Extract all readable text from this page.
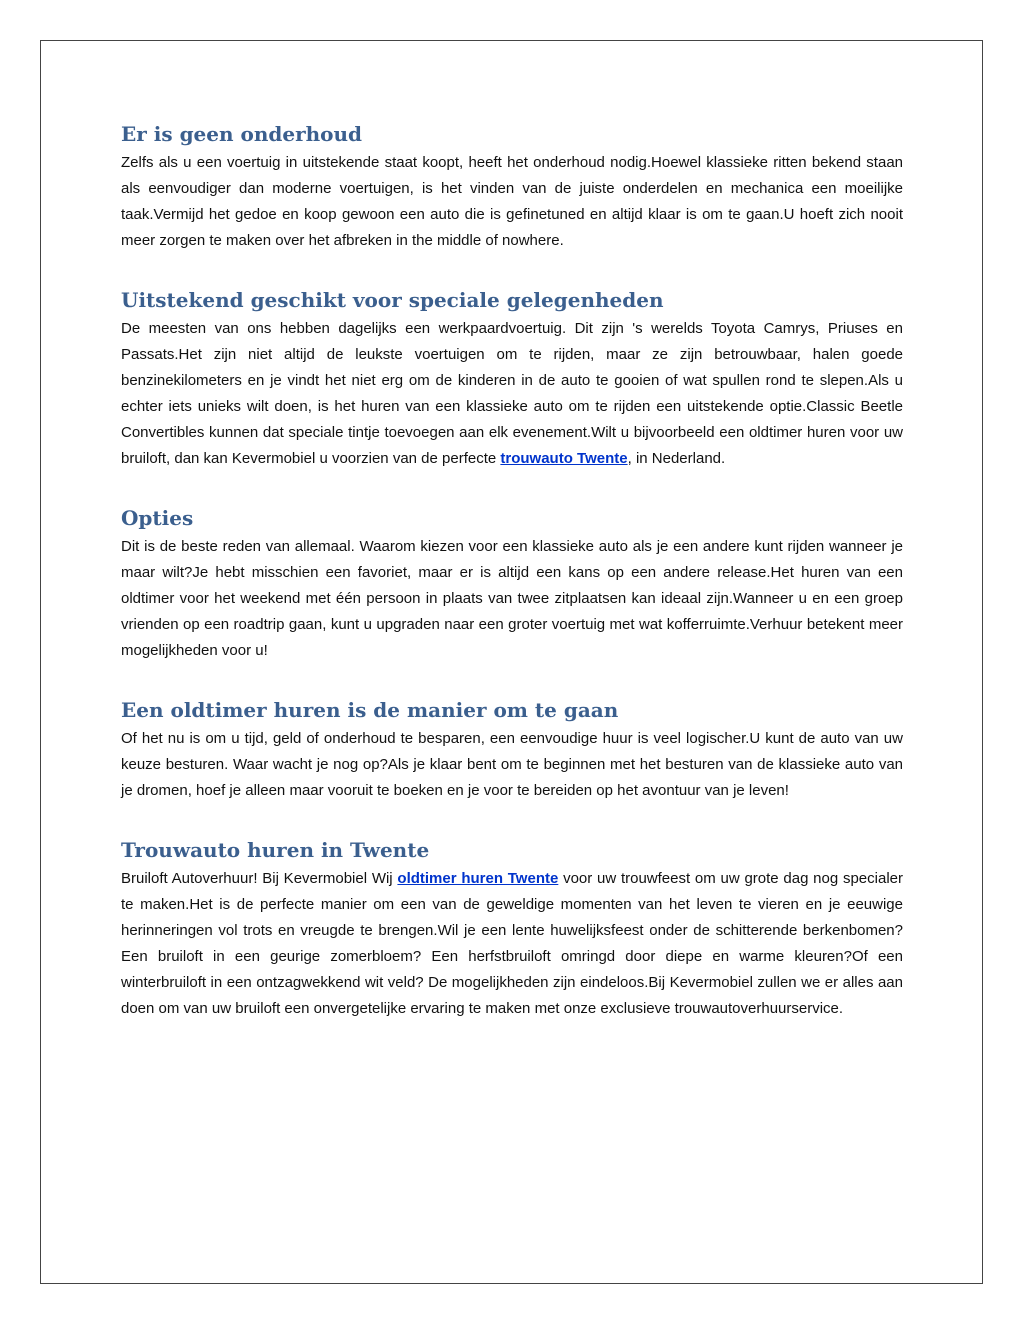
Er is geen onderhoud

Zelfs als u een voertuig in uitstekende staat koopt, heeft het onderhoud nodig.Hoewel klassieke ritten bekend staan als eenvoudiger dan moderne voertuigen, is het vinden van de juiste onderdelen en mechanica een moeilijke taak.Vermijd het gedoe en koop gewoon een auto die is gefinetuned en altijd klaar is om te gaan.U hoeft zich nooit meer zorgen te maken over het afbreken in the middle of nowhere.

Uitstekend geschikt voor speciale gelegenheden

De meesten van ons hebben dagelijks een werkpaardvoertuig. Dit zijn 's werelds Toyota Camrys, Priuses en Passats.Het zijn niet altijd de leukste voertuigen om te rijden, maar ze zijn betrouwbaar, halen goede benzinekilometers en je vindt het niet erg om de kinderen in de auto te gooien of wat spullen rond te slepen.Als u echter iets unieks wilt doen, is het huren van een klassieke auto om te rijden een uitstekende optie.Classic Beetle Convertibles kunnen dat speciale tintje toevoegen aan elk evenement.Wilt u bijvoorbeeld een oldtimer huren voor uw bruiloft, dan kan Kevermobiel u voorzien van de perfecte trouwauto Twente, in Nederland.

Opties

Dit is de beste reden van allemaal. Waarom kiezen voor een klassieke auto als je een andere kunt rijden wanneer je maar wilt?Je hebt misschien een favoriet, maar er is altijd een kans op een andere release.Het huren van een oldtimer voor het weekend met één persoon in plaats van twee zitplaatsen kan ideaal zijn.Wanneer u en een groep vrienden op een roadtrip gaan, kunt u upgraden naar een groter voertuig met wat kofferruimte.Verhuur betekent meer mogelijkheden voor u!

Een oldtimer huren is de manier om te gaan

Of het nu is om u tijd, geld of onderhoud te besparen, een eenvoudige huur is veel logischer.U kunt de auto van uw keuze besturen. Waar wacht je nog op?Als je klaar bent om te beginnen met het besturen van de klassieke auto van je dromen, hoef je alleen maar vooruit te boeken en je voor te bereiden op het avontuur van je leven!

Trouwauto huren in Twente

Bruiloft Autoverhuur! Bij Kevermobiel Wij oldtimer huren Twente voor uw trouwfeest om uw grote dag nog specialer te maken.Het is de perfecte manier om een van de geweldige momenten van het leven te vieren en je eeuwige herinneringen vol trots en vreugde te brengen.Wil je een lente huwelijksfeest onder de schitterende berkenbomen?Een bruiloft in een geurige zomerbloem? Een herfstbruiloft omringd door diepe en warme kleuren?Of een winterbruiloft in een ontzagwekkend wit veld? De mogelijkheden zijn eindeloos.Bij Kevermobiel zullen we er alles aan doen om van uw bruiloft een onvergetelijke ervaring te maken met onze exclusieve trouwautoverhuurservice.
